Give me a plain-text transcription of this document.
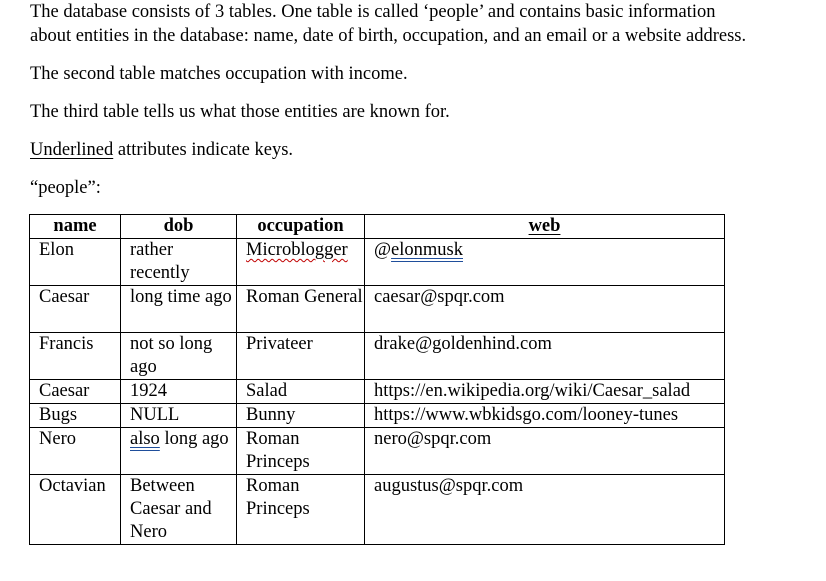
The database consists of 3 tables. One table is called ‘people’ and contains basic information

about entities in the database: name, date of birth, occupation, and an email or a website address.

The second table matches occupation with income.

The third table tells us what those entities are known for.

Underlined attributes indicate keys.

“people”:

name	dob	occupation	web
Elon	rather recently	Microblogger	@elonmusk
Caesar	long time ago	Roman General	caesar@spqr.com
Francis	not so long ago	Privateer	drake@goldenhind.com
Caesar	1924	Salad	https://en.wikipedia.org/wiki/Caesar_salad
Bugs	NULL	Bunny	https://www.wbkidsgo.com/looney-tunes
Nero	also long ago	Roman Princeps	nero@spqr.com
Octavian	Between Caesar and Nero	Roman Princeps	augustus@spqr.com
